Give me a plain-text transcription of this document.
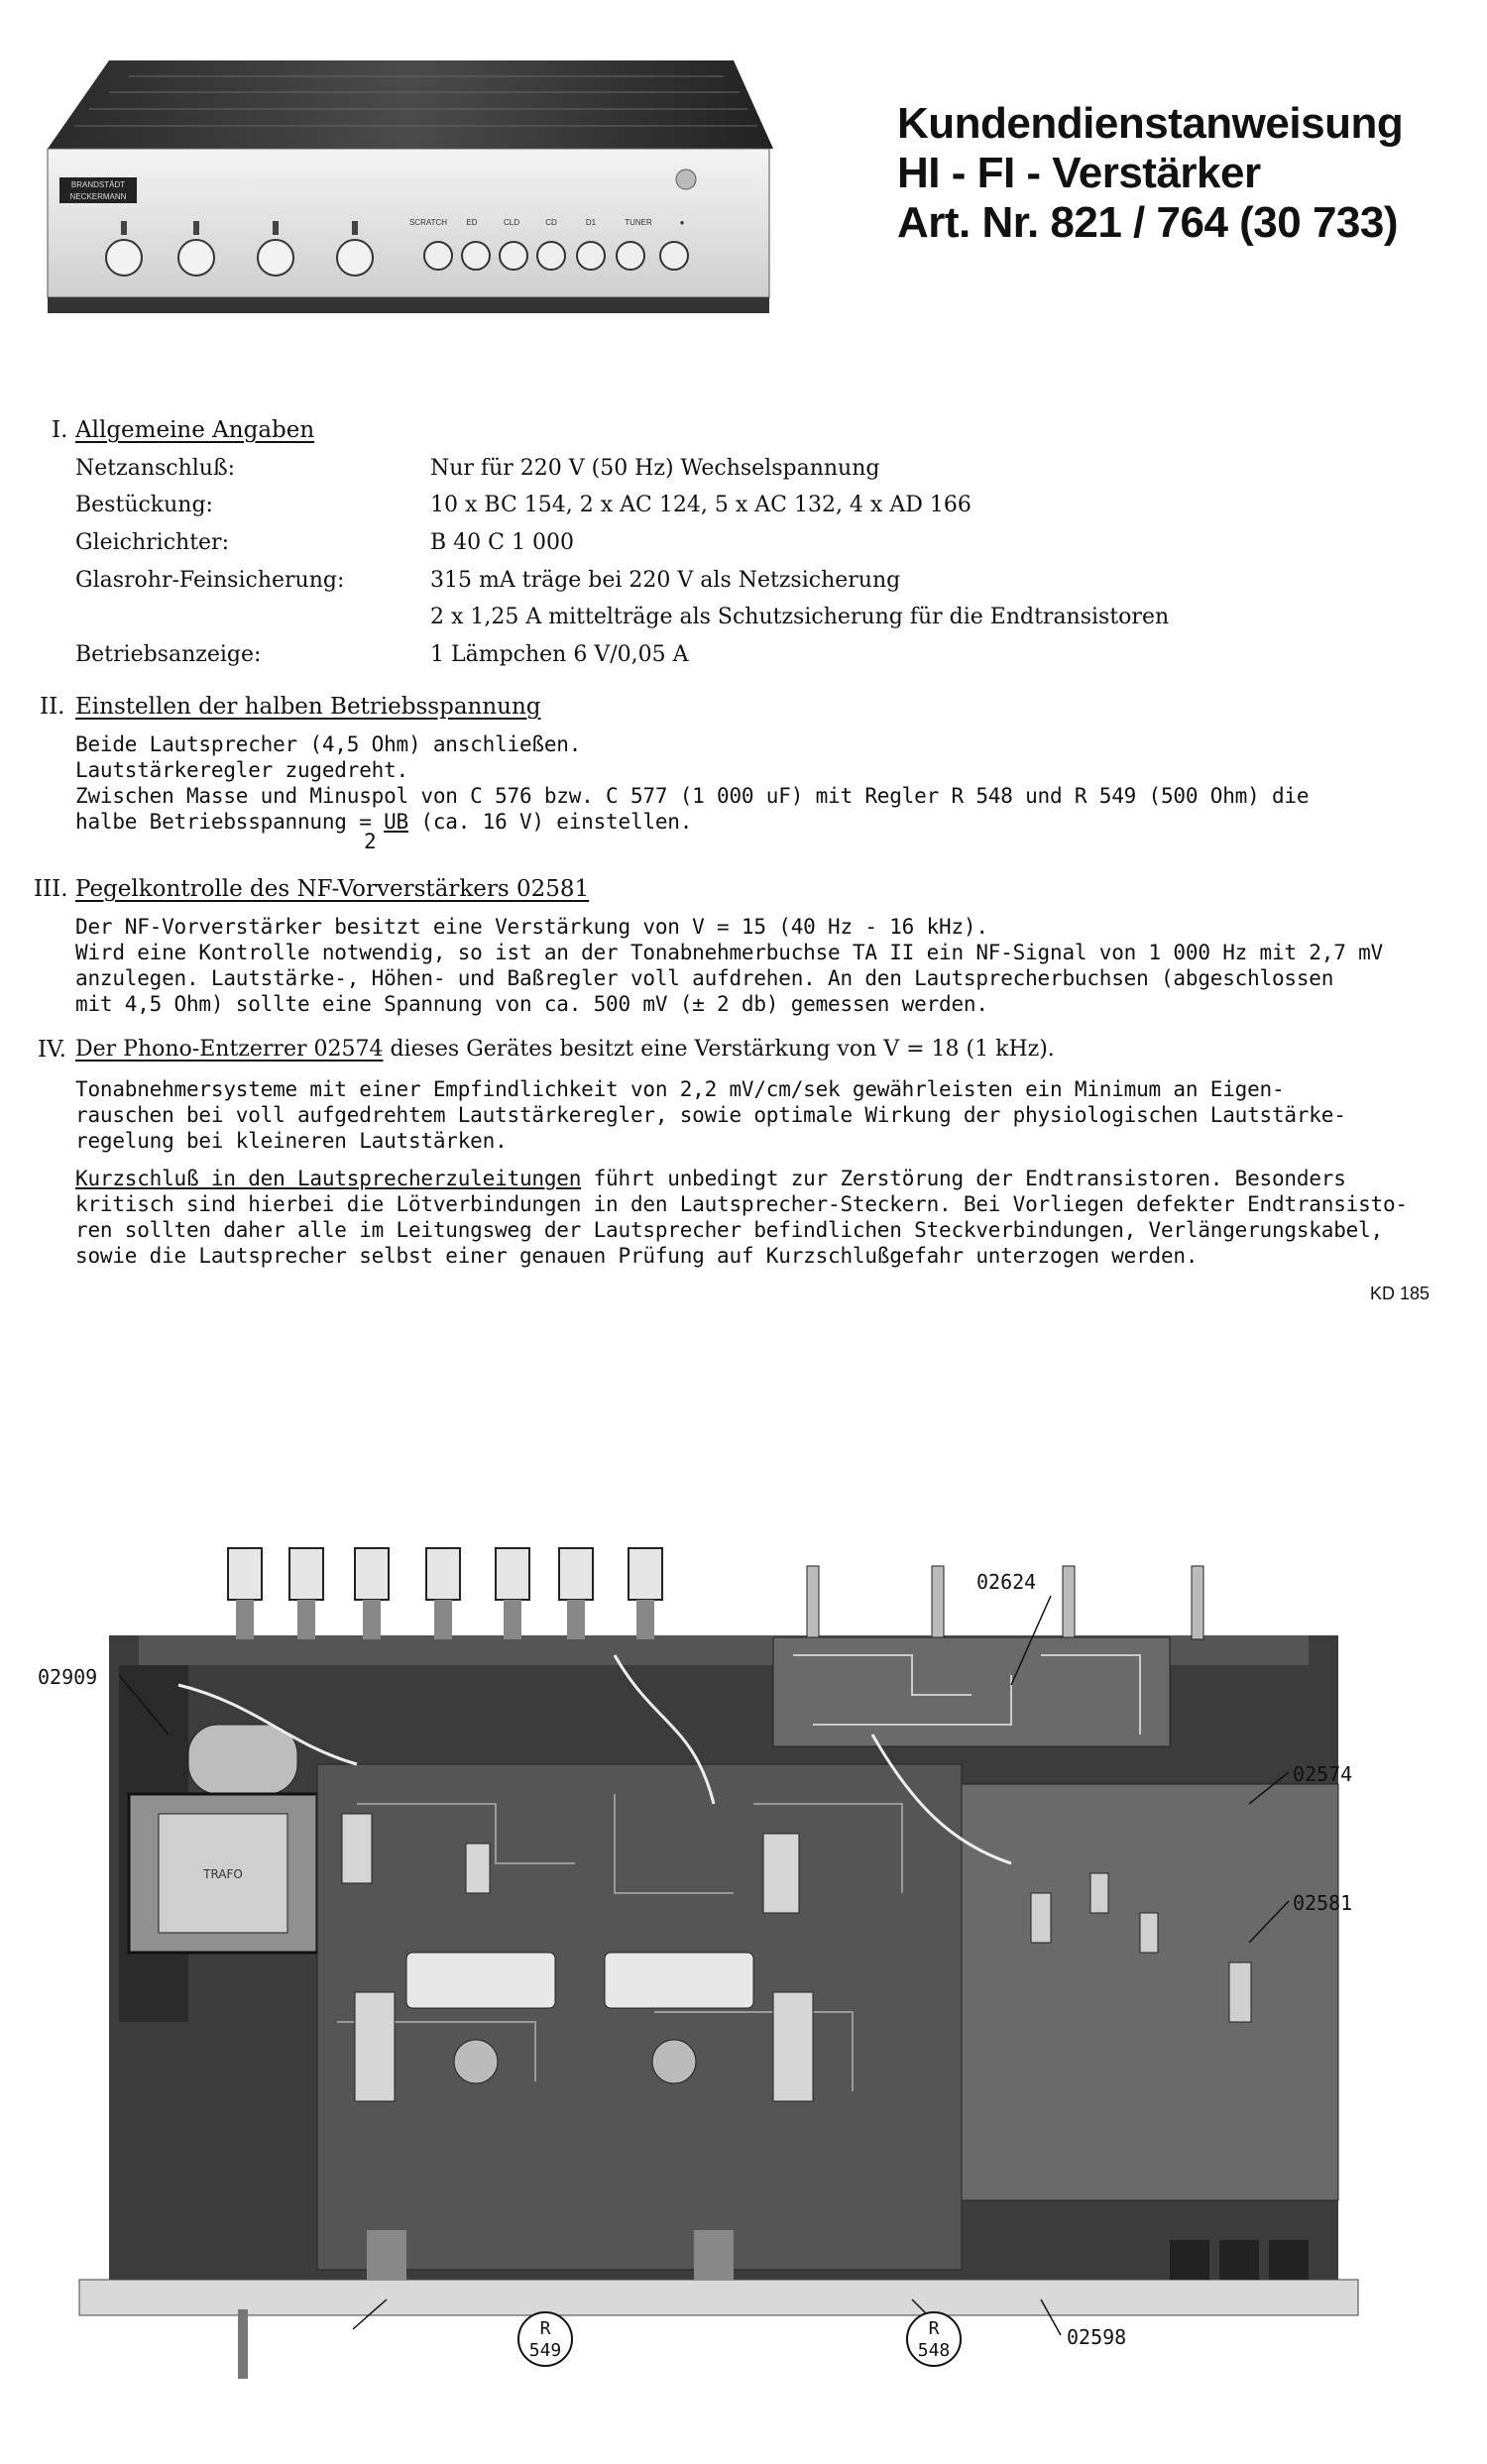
Kundendienstanweisung
HI - FI - Verstärker
Art. Nr. 821 / 764 (30 733)
BRANDSTÄDT
NECKERMANN
SCRATCH ED	CLD	CD	D1	TUNER	●
I. Allgemeine Angaben
Netzanschluß:	Nur für 220 V (50 Hz) Wechselspannung
Bestückung:	10 x BC 154, 2 x AC 124, 5 x AC 132, 4 x AD 166
Gleichrichter:	B 40 C 1 000
Glasrohr-Feinsicherung:	315 mA träge bei 220 V als Netzsicherung
2 x 1,25 A mittelträge als Schutzsicherung für die Endtransistoren
Betriebsanzeige:	1 Lämpchen 6 V/0,05 A
II. Einstellen der halben Betriebsspannung
Beide Lautsprecher (4,5 Ohm) anschließen.
Lautstärkeregler zugedreht.
Zwischen Masse und Minuspol von C 576 bzw. C 577 (1 000 uF) mit Regler R 548 und R 549 (500 Ohm) die
halbe Betriebsspannung = UB (ca. 16 V) einstellen.
2
III. Pegelkontrolle des NF-Vorverstärkers 02581
Der NF-Vorverstärker besitzt eine Verstärkung von V = 15 (40 Hz - 16 kHz).
Wird eine Kontrolle notwendig, so ist an der Tonabnehmerbuchse TA II ein NF-Signal von 1 000 Hz mit 2,7 mV
anzulegen. Lautstärke-, Höhen- und Baßregler voll aufdrehen. An den Lautsprecherbuchsen (abgeschlossen
mit 4,5 Ohm) sollte eine Spannung von ca. 500 mV (± 2 db) gemessen werden.
IV. Der Phono-Entzerrer 02574 dieses Gerätes besitzt eine Verstärkung von V = 18 (1 kHz).
Tonabnehmersysteme mit einer Empfindlichkeit von 2,2 mV/cm/sek gewährleisten ein Minimum an Eigen-
rauschen bei voll aufgedrehtem Lautstärkeregler, sowie optimale Wirkung der physiologischen Lautstärke-
regelung bei kleineren Lautstärken.
Kurzschluß in den Lautsprecherzuleitungen führt unbedingt zur Zerstörung der Endtransistoren. Besonders
kritisch sind hierbei die Lötverbindungen in den Lautsprecher-Steckern. Bei Vorliegen defekter Endtransisto-
ren sollten daher alle im Leitungsweg der Lautsprecher befindlichen Steckverbindungen, Verlängerungskabel,
sowie die Lautsprecher selbst einer genauen Prüfung auf Kurzschlußgefahr unterzogen werden.
KD 185
TRAFO
02624
02909
02574
02581
02598
R
549
R
548
